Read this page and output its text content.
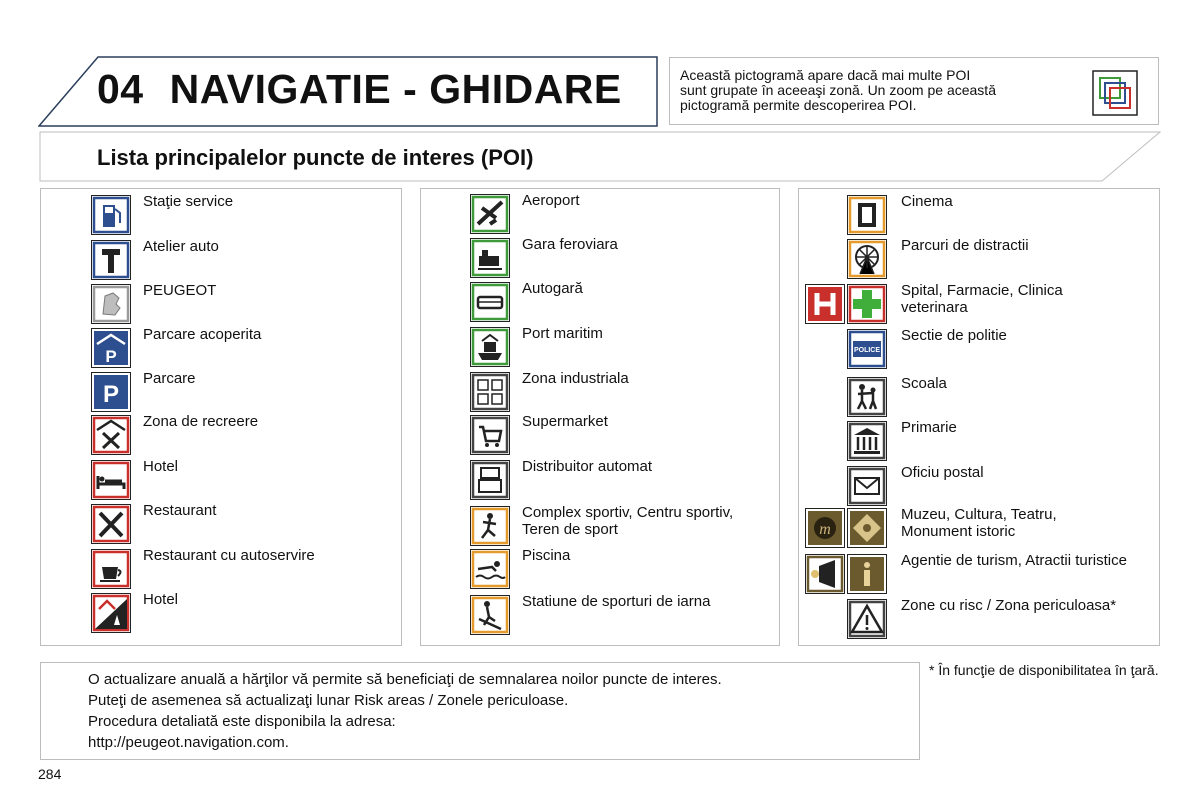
04 NAVIGATIE - GHIDARE	Această pictogramă apare dacă mai multe POI
sunt grupate în aceeaşi zonă. Un zoom pe această
pictogramă permite descoperirea POI.
Lista principalelor puncte de interes (POI)
Staţie service
Atelier auto
PEUGEOT
P
Parcare acoperita
P
Parcare
Zona de recreere
Hotel
Restaurant
Restaurant cu autoservire
Hotel
Aeroport
Gara feroviara
Autogară
Port maritim
Zona industriala
Supermarket
Distribuitor automat
Complex sportiv, Centru sportiv,
Teren de sport
Piscina
Statiune de sporturi de iarna
Cinema
Parcuri de distractii
Spital, Farmacie, Clinica
veterinara
POLICE
Sectie de politie
Scoala
Primarie
Oficiu postal
m
Muzeu, Cultura, Teatru,
Monument istoric
Agentie de turism, Atractii turistice
Zone cu risc / Zona periculoasa*
O actualizare anuală a hărţilor vă permite să beneficiaţi de semnalarea noilor puncte de interes.
Puteţi de asemenea să actualizaţi lunar Risk areas / Zonele periculoase.
Procedura detaliată este disponibila la adresa:
http://peugeot.navigation.com.
* În funcţie de disponibilitatea în ţară.
284
